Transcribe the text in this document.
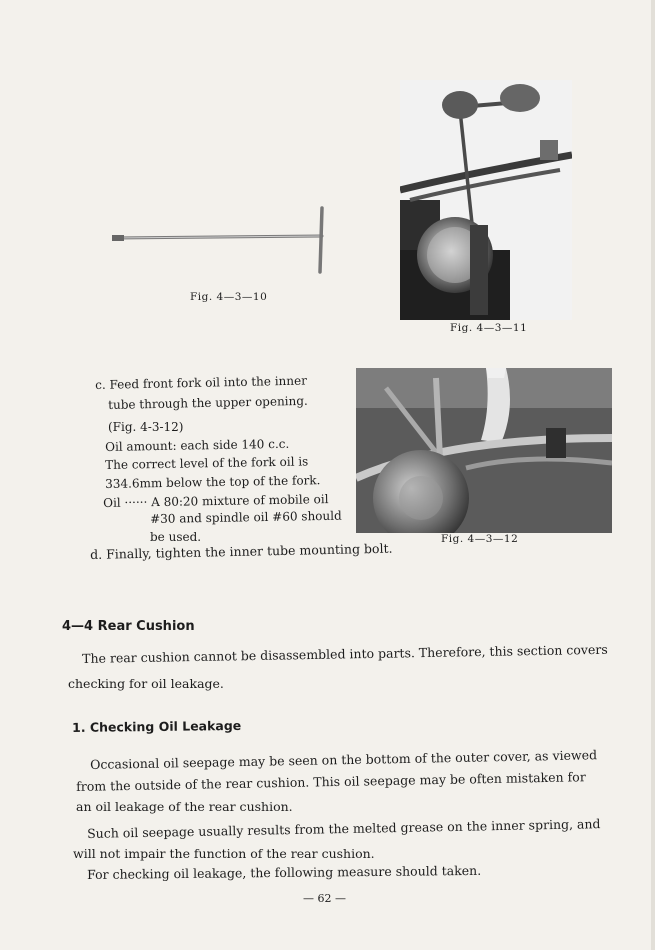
Fig. 4—3—10
Fig. 4—3—11
Fig. 4—3—12
c. Feed front fork oil into the inner
tube through the upper opening.
(Fig. 4-3-12)
Oil amount: each side 140 c.c.
The correct level of the fork oil is
334.6mm below the top of the fork.
Oil ······ A 80:20 mixture of mobile oil
#30 and spindle oil #60 should
be used.
d. Finally, tighten the inner tube mounting bolt.
4—4 Rear Cushion
The rear cushion cannot be disassembled into parts. Therefore, this section covers
checking for oil leakage.
1. Checking Oil Leakage
Occasional oil seepage may be seen on the bottom of the outer cover, as viewed
from the outside of the rear cushion. This oil seepage may be often mistaken for
an oil leakage of the rear cushion.
Such oil seepage usually results from the melted grease on the inner spring, and
will not impair the function of the rear cushion.
For checking oil leakage, the following measure should taken.
— 62 —
